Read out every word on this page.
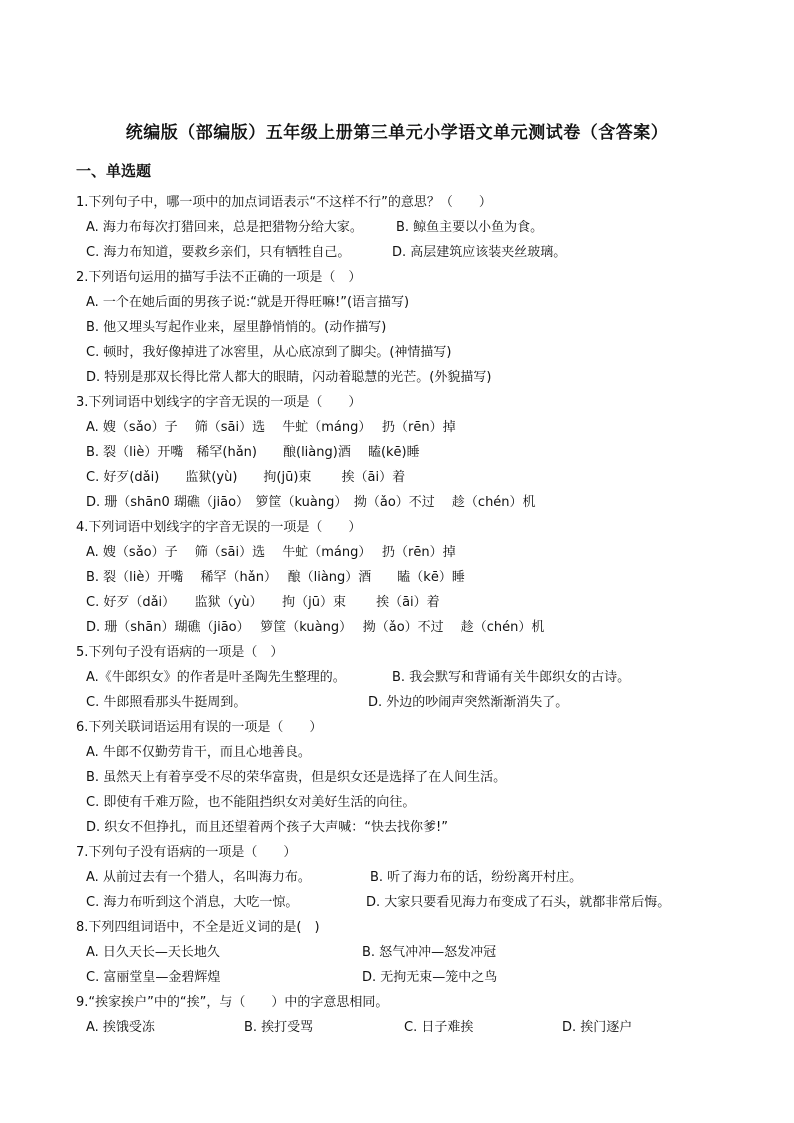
统编版（部编版）五年级上册第三单元小学语文单元测试卷（含答案）
一、单选题
1.下列句子中，哪一项中的加点词语表示“不这样不行”的意思？（　　）
A. 海力布每次打猎回来，总是把猎物分给大家。	B. 鲸鱼主要以小鱼为食。
C. 海力布知道，要救乡亲们，只有牺牲自己。	D. 高层建筑应该装夹丝玻璃。
2.下列语句运用的描写手法不正确的一项是（　）
A. 一个在她后面的男孩子说:“就是开得旺嘛!”(语言描写)
B. 他又埋头写起作业来，屋里静悄悄的。(动作描写)
C. 顿时，我好像掉进了冰窖里，从心底凉到了脚尖。(神情描写)
D. 特别是那双长得比常人都大的眼睛，闪动着聪慧的光芒。(外貌描写)
3.下列词语中划线字的字音无误的一项是（　　）
A. 嫂（sǎo）子　 筛（sāi）选　 牛虻（máng）　 扔（rēn）掉
B. 裂（liè）开嘴　稀罕(hǎn)　　酿(liàng)酒　 瞌(kē)睡
C. 好歹(dǎi)　　监狱(yù)　　拘(jū)束　　 挨（āi）着
D. 珊（shān0 瑚礁（jiāo）　箩筐（kuàng）　拗（ǎo）不过　 趁（chén）机
4.下列词语中划线字的字音无误的一项是（　　）
A. 嫂（sǎo）子　 筛（sāi）选　 牛虻（máng）　 扔（rēn）掉
B. 裂（liè）开嘴　 稀罕（hǎn）　 酿（liàng）酒　　瞌（kē）睡
C. 好歹（dǎi）　　监狱（yù）　　拘（jū）束　　 挨（āi）着
D. 珊（shān）瑚礁（jiāo）　 箩筐（kuàng）　 拗（ǎo）不过　 趁（chén）机
5.下列句子没有语病的一项是（　）
A.《牛郎织女》的作者是叶圣陶先生整理的。	B. 我会默写和背诵有关牛郎织女的古诗。
C. 牛郎照看那头牛挺周到。	D. 外边的吵闹声突然渐渐消失了。
6.下列关联词语运用有误的一项是（　　）
A. 牛郎不仅勤劳肯干，而且心地善良。
B. 虽然天上有着享受不尽的荣华富贵，但是织女还是选择了在人间生活。
C. 即使有千难万险，也不能阻挡织女对美好生活的向往。
D. 织女不但挣扎，而且还望着两个孩子大声喊：“快去找你爹!”
7.下列句子没有语病的一项是（　　）
A. 从前过去有一个猎人，名叫海力布。	B. 听了海力布的话，纷纷离开村庄。
C. 海力布听到这个消息，大吃一惊。	D. 大家只要看见海力布变成了石头，就都非常后悔。
8.下列四组词语中，不全是近义词的是(　)
A. 日久天长—天长地久	B. 怒气冲冲—怒发冲冠
C. 富丽堂皇—金碧辉煌	D. 无拘无束—笼中之鸟
9.“挨家挨户”中的“挨”，与（　　）中的字意思相同。
A. 挨饿受冻	B. 挨打受骂	C. 日子难挨	D. 挨门逐户
